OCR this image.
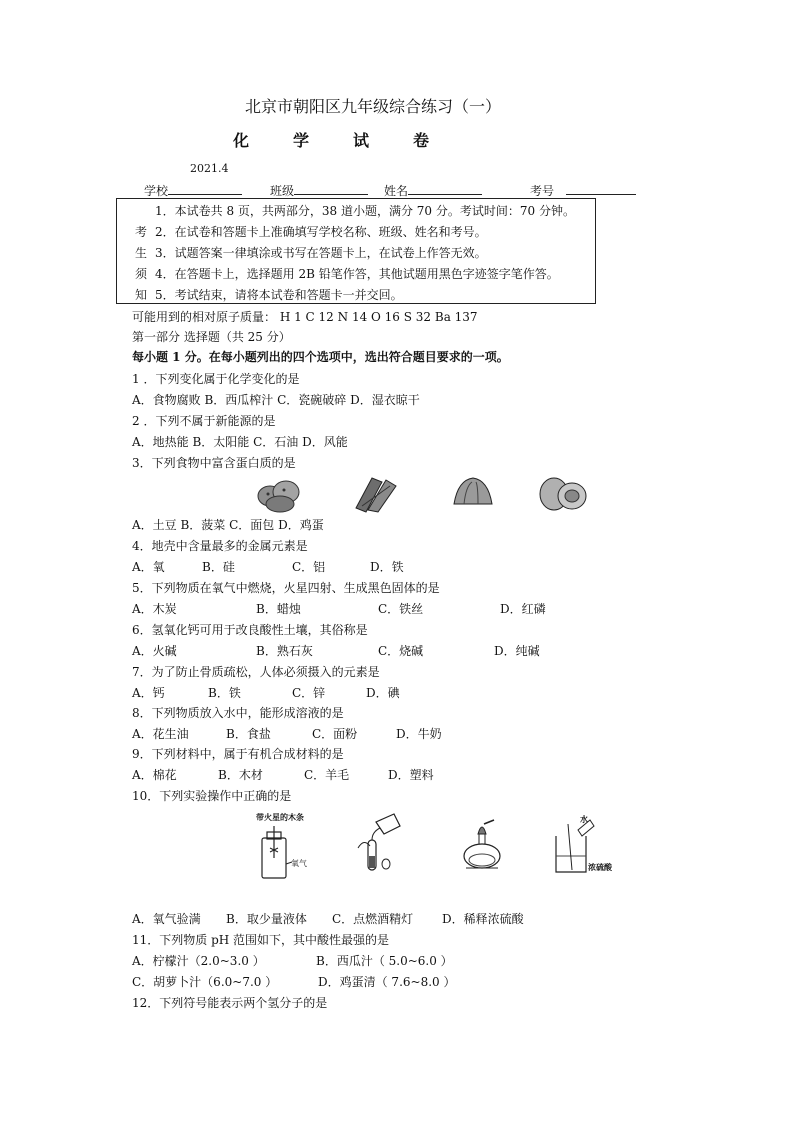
北京市朝阳区九年级综合练习（一）
化	学	试	卷
2021.4
学校	班级	姓名	考号
考
生
须
知
1．本试卷共 8 页，共两部分，38 道小题，满分 70 分。考试时间：70 分钟。
2．在试卷和答题卡上准确填写学校名称、班级、姓名和考号。
3．试题答案一律填涂或书写在答题卡上，在试卷上作答无效。
4．在答题卡上，选择题用 2B 铅笔作答，其他试题用黑色字迹签字笔作答。
5．考试结束，请将本试卷和答题卡一并交回。
可能用到的相对原子质量： H 1 C 12 N 14 O 16 S 32 Ba 137
第一部分 选择题（共 25 分）
每小题 1 分。在每小题列出的四个选项中，选出符合题目要求的一项。
1 ．下列变化属于化学变化的是
A．食物腐败 B．西瓜榨汁 C．瓷碗破碎 D．湿衣晾干
2 ．下列不属于新能源的是
A．地热能 B．太阳能 C．石油 D．风能
3．下列食物中富含蛋白质的是
A．土豆 B．菠菜 C．面包 D．鸡蛋
4．地壳中含量最多的金属元素是
A．氧	B．硅	C．铝	D．铁
5．下列物质在氧气中燃烧，火星四射、生成黑色固体的是
A．木炭	B．蜡烛	C．铁丝	D．红磷
6．氢氧化钙可用于改良酸性土壤，其俗称是
A．火碱	B．熟石灰	C．烧碱	D．纯碱
7．为了防止骨质疏松，人体必须摄入的元素是
A．钙	B．铁	C．锌	D．碘
8．下列物质放入水中，能形成溶液的是
A．花生油	B．食盐	C．面粉	D．牛奶
9．下列材料中，属于有机合成材料的是
A．棉花	B．木材	C．羊毛	D．塑料
10．下列实验操作中正确的是
带火星的木条
氧气
水
浓硫酸
A．氧气验满 B．取少量液体 C．点燃酒精灯 D．稀释浓硫酸
11．下列物质 pH 范围如下，其中酸性最强的是
A．柠檬汁（2.0~3.0 ）	B．西瓜汁（ 5.0~6.0 ）
C．胡萝卜汁（6.0~7.0 ）	D．鸡蛋清（ 7.6~8.0 ）
12．下列符号能表示两个氢分子的是
